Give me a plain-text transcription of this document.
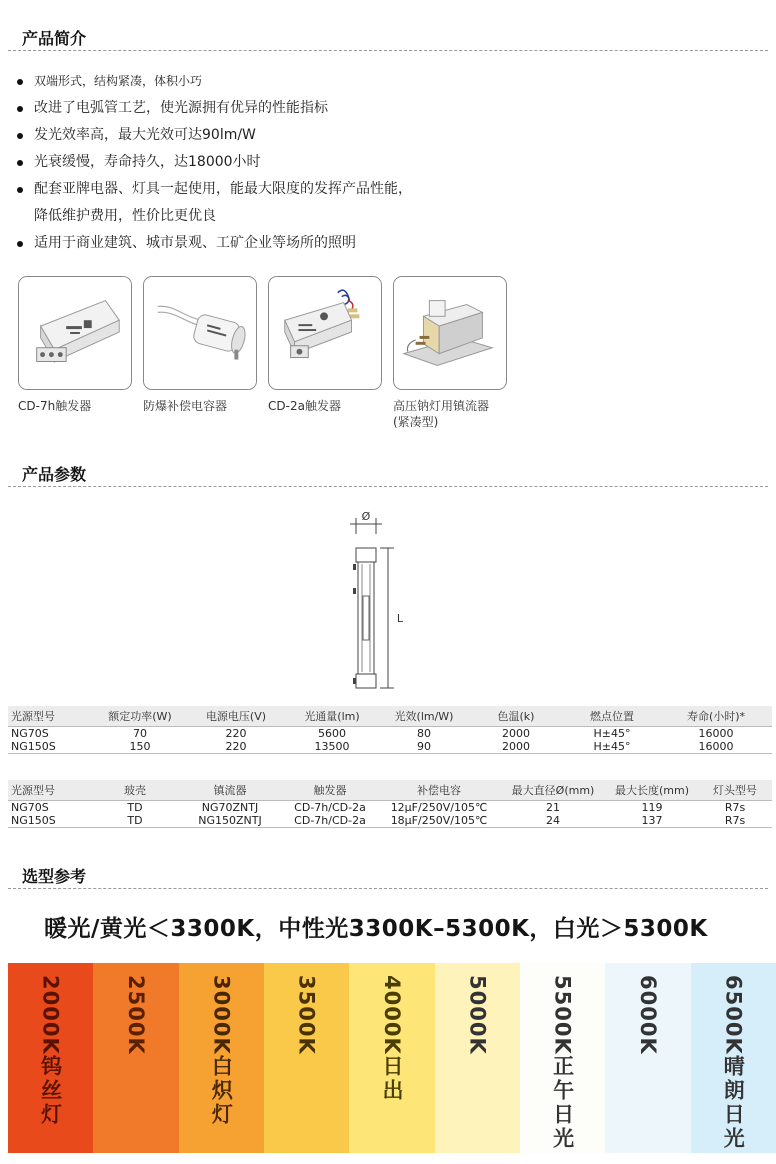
产品简介
双端形式，结构紧凑，体积小巧
改进了电弧管工艺，使光源拥有优异的性能指标
发光效率高，最大光效可达90lm/W
光衰缓慢，寿命持久，达18000小时
配套亚牌电器、灯具一起使用，能最大限度的发挥产品性能，
降低维护费用，性价比更优良
适用于商业建筑、城市景观、工矿企业等场所的照明
CD-7h触发器	防爆补偿电容器	CD-2a触发器	高压钠灯用镇流器
(紧凑型)
产品参数
Ø
L
光源型号	额定功率(W)	电源电压(V)	光通量(lm)	光效(lm/W)	色温(k)	燃点位置	寿命(小时)*
NG70S	70	220	5600	80	2000	H±45°	16000
NG150S	150	220	13500	90	2000	H±45°	16000
光源型号	玻壳	镇流器	触发器	补偿电容	最大直径Ø(mm)	最大长度(mm)	灯头型号
NG70S	TD	NG70ZNTJ	CD-7h/CD-2a	12μF/250V/105℃	21	119	R7s
NG150S	TD	NG150ZNTJ	CD-7h/CD-2a	18μF/250V/105℃	24	137	R7s
选型参考
暖光/黄光＜3300K，中性光3300K–5300K，白光＞5300K
2000K
钨丝灯
2500K	3000K
白炽灯
3500K	4000K
日出
5000K	5500K
正午日光
6000K	6500K
晴朗日光
